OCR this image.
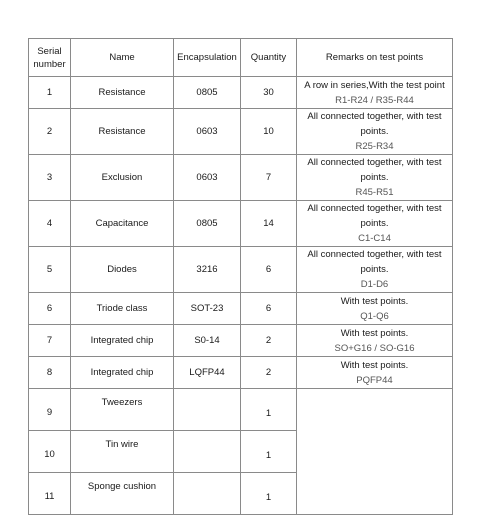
Serial
number	Name	Encapsulation	Quantity	Remarks on test points
1	Resistance	0805	30	A row in series,With the test point
R1-R24 / R35-R44

2	Resistance	0603	10	All connected together, with test points.
R25-R34

3	Exclusion	0603	7	All connected together, with test points.
R45-R51

4	Capacitance	0805	14	All connected together, with test points.
C1-C14

5	Diodes	3216	6	All connected together, with test points.
D1-D6

6	Triode class	SOT-23	6	With test points.
Q1-Q6

7	Integrated chip	S0-14	2	With test points.
SO+G16 / SO-G16

8	Integrated chip	LQFP44	2	With test points.
PQFP44

9	Tweezers		1	
10	Tin wire		1	
11	Sponge cushion		1	
